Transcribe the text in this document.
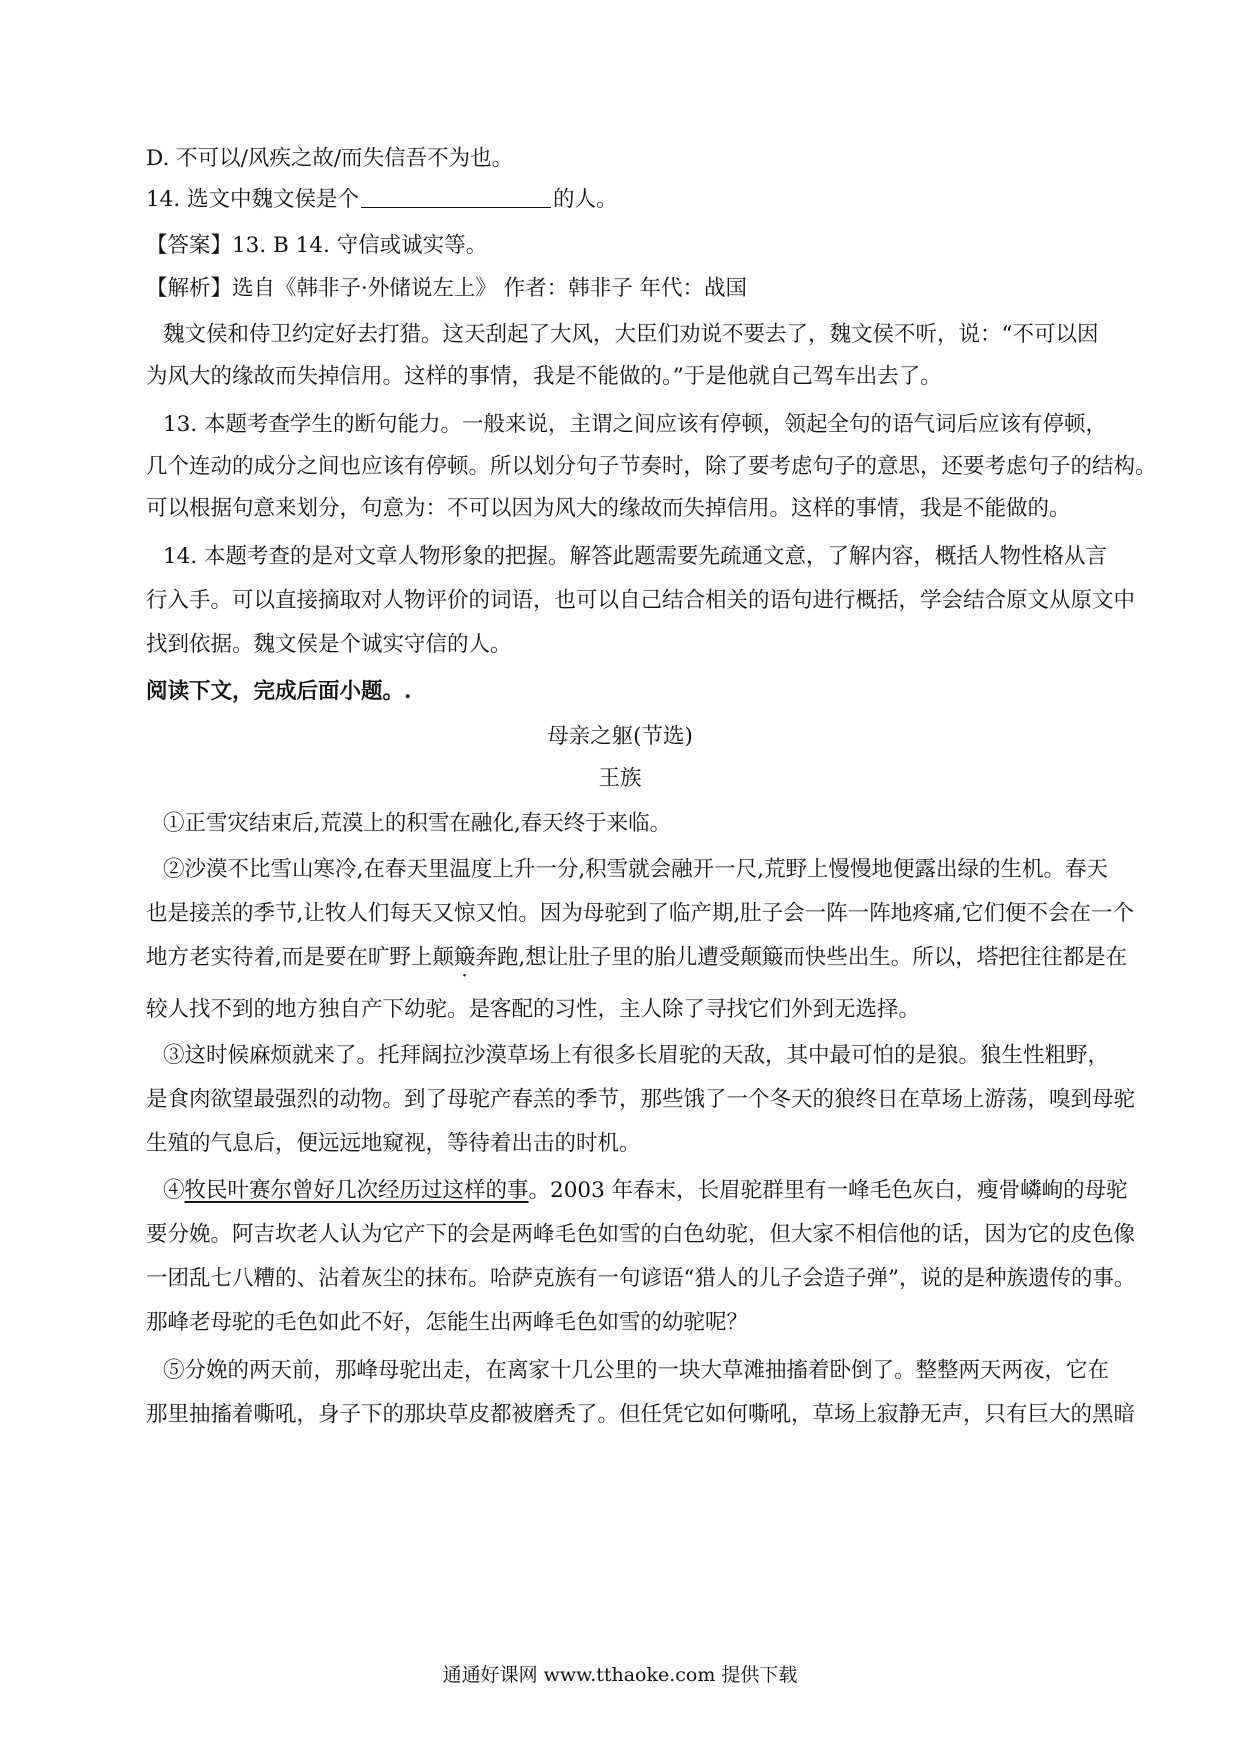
D. 不可以/风疾之故/而失信吾不为也。
14. 选文中魏文侯是个	的人。
【答案】13. B 14. 守信或诚实等。
【解析】选自《韩非子·外储说左上》 作者：韩非子 年代：战国
魏文侯和侍卫约定好去打猎。这天刮起了大风，大臣们劝说不要去了，魏文侯不听，说：“不可以因
为风大的缘故而失掉信用。这样的事情，我是不能做的。”于是他就自己驾车出去了。
13. 本题考查学生的断句能力。一般来说，主谓之间应该有停顿，领起全句的语气词后应该有停顿，
几个连动的成分之间也应该有停顿。所以划分句子节奏时，除了要考虑句子的意思，还要考虑句子的结构。
可以根据句意来划分，句意为：不可以因为风大的缘故而失掉信用。这样的事情，我是不能做的。
14. 本题考查的是对文章人物形象的把握。解答此题需要先疏通文意，了解内容，概括人物性格从言
行入手。可以直接摘取对人物评价的词语，也可以自己结合相关的语句进行概括，学会结合原文从原文中
找到依据。魏文侯是个诚实守信的人。
阅读下文，完成后面小题。.
母亲之躯(节选)
王族
①正雪灾结束后,荒漠上的积雪在融化,春天终于来临。
②沙漠不比雪山寒冷,在春天里温度上升一分,积雪就会融开一尺,荒野上慢慢地便露出绿的生机。春天
也是接羔的季节,让牧人们每天又惊又怕。因为母驼到了临产期,肚子会一阵一阵地疼痛,它们便不会在一个
地方老实待着,而是要在旷野上颠簸奔跑,想让肚子里的胎儿遭受颠簸而快些出生。所以，塔把往往都是在
较人找不到的地方独自产下幼驼。是客配的习性，主人除了寻找它们外到无选择。
③这时候麻烦就来了。托拜阔拉沙漠草场上有很多长眉驼的天敌，其中最可怕的是狼。狼生性粗野，
是食肉欲望最强烈的动物。到了母驼产春羔的季节，那些饿了一个冬天的狼终日在草场上游荡，嗅到母驼
生殖的气息后，便远远地窥视，等待着出击的时机。
④牧民叶赛尔曾好几次经历过这样的事。2003 年春末，长眉驼群里有一峰毛色灰白，瘦骨嶙峋的母驼
要分娩。阿吉坎老人认为它产下的会是两峰毛色如雪的白色幼驼，但大家不相信他的话，因为它的皮色像
一团乱七八糟的、沾着灰尘的抹布。哈萨克族有一句谚语“猎人的儿子会造子弹”，说的是种族遗传的事。
那峰老母驼的毛色如此不好，怎能生出两峰毛色如雪的幼驼呢？
⑤分娩的两天前，那峰母驼出走，在离家十几公里的一块大草滩抽搐着卧倒了。整整两天两夜，它在
那里抽搐着嘶吼，身子下的那块草皮都被磨秃了。但任凭它如何嘶吼，草场上寂静无声，只有巨大的黑暗
通通好课网 www.tthaoke.com 提供下载
